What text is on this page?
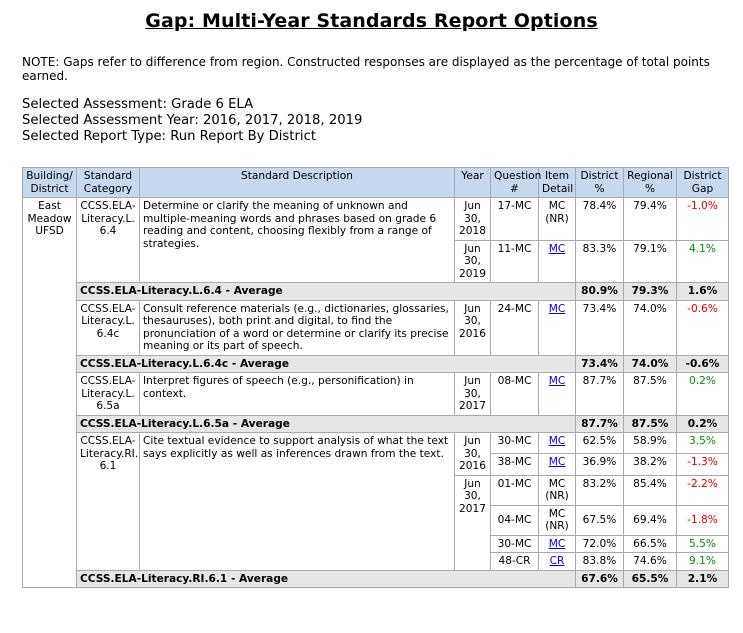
Gap: Multi-Year Standards Report Options
NOTE: Gaps refer to difference from region. Constructed responses are displayed as the percentage of total points earned.
Selected Assessment: Grade 6 ELA
Selected Assessment Year: 2016, 2017, 2018, 2019
Selected Report Type: Run Report By District
Building/ District	Standard Category	Standard Description	Year	Question #	Item Detail	District %	Regional %	District Gap
East Meadow UFSD	CCSS.ELA-Literacy.L. 6.4	Determine or clarify the meaning of unknown and multiple-meaning words and phrases based on grade 6 reading and content, choosing flexibly from a range of strategies.	Jun 30, 2018	17-MC	MC (NR)	78.4%	79.4%	-1.0%
			Jun 30, 2019	11-MC	MC	83.3%	79.1%	4.1%
	CCSS.ELA-Literacy.L.6.4 - Average					80.9%	79.3%	1.6%
	CCSS.ELA-Literacy.L. 6.4c	Consult reference materials (e.g., dictionaries, glossaries, thesauruses), both print and digital, to find the pronunciation of a word or determine or clarify its precise meaning or its part of speech.	Jun 30, 2016	24-MC	MC	73.4%	74.0%	-0.6%
	CCSS.ELA-Literacy.L.6.4c - Average					73.4%	74.0%	-0.6%
	CCSS.ELA-Literacy.L. 6.5a	Interpret figures of speech (e.g., personification) in context.	Jun 30, 2017	08-MC	MC	87.7%	87.5%	0.2%
	CCSS.ELA-Literacy.L.6.5a - Average					87.7%	87.5%	0.2%
	CCSS.ELA-Literacy.RI. 6.1	Cite textual evidence to support analysis of what the text says explicitly as well as inferences drawn from the text.	Jun 30, 2016	30-MC	MC	62.5%	58.9%	3.5%
				38-MC	MC	36.9%	38.2%	-1.3%
			Jun 30, 2017	01-MC	MC (NR)	83.2%	85.4%	-2.2%
				04-MC	MC (NR)	67.5%	69.4%	-1.8%
				30-MC	MC	72.0%	66.5%	5.5%
				48-CR	CR	83.8%	74.6%	9.1%
	CCSS.ELA-Literacy.RI.6.1 - Average					67.6%	65.5%	2.1%
